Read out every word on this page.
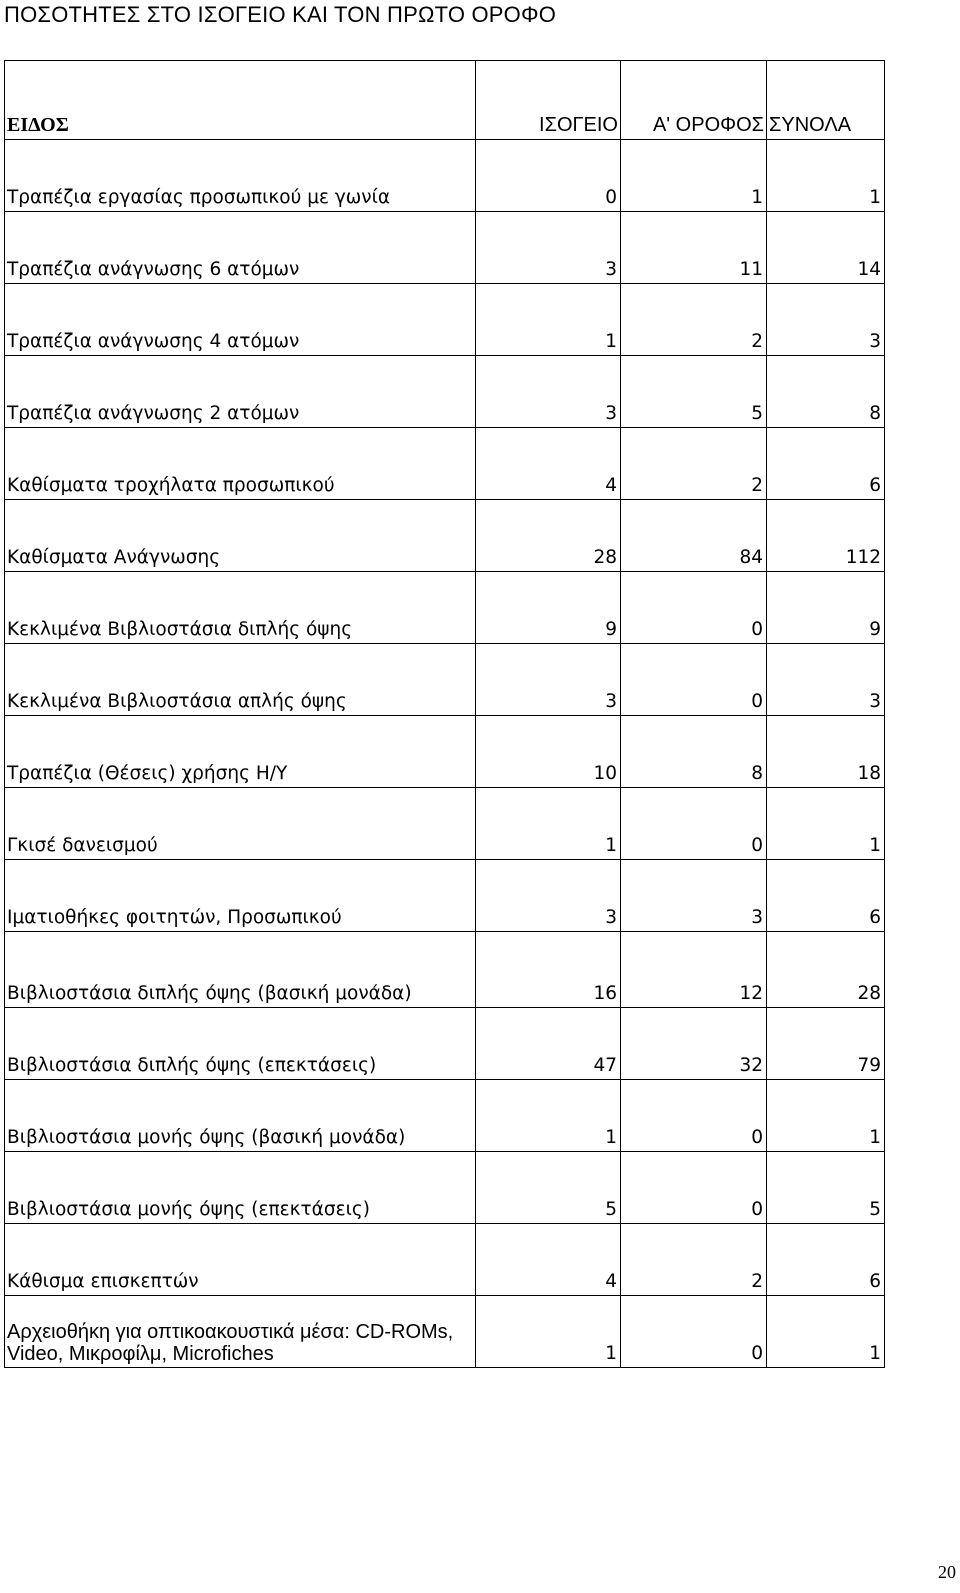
ΠΟΣΟΤΗΤΕΣ ΣΤΟ ΙΣΟΓΕΙΟ ΚΑΙ ΤΟΝ ΠΡΩΤΟ ΟΡΟΦΟ
ΕΙΔΟΣ	ΙΣΟΓΕΙΟ	Α' ΟΡΟΦΟΣ	ΣΥΝΟΛΑ
Τραπέζια εργασίας προσωπικού με γωνία	0	1	1
Τραπέζια ανάγνωσης 6 ατόμων	3	11	14
Τραπέζια ανάγνωσης 4 ατόμων	1	2	3
Τραπέζια ανάγνωσης 2 ατόμων	3	5	8
Καθίσματα τροχήλατα προσωπικού	4	2	6
Καθίσματα Ανάγνωσης	28	84	112
Κεκλιμένα Βιβλιοστάσια διπλής όψης	9	0	9
Κεκλιμένα Βιβλιοστάσια απλής όψης	3	0	3
Τραπέζια (Θέσεις) χρήσης Η/Υ	10	8	18
Γκισέ δανεισμού	1	0	1
Ιματιοθήκες φοιτητών, Προσωπικού	3	3	6
Βιβλιοστάσια διπλής όψης (βασική μονάδα)	16	12	28
Βιβλιοστάσια διπλής όψης (επεκτάσεις)	47	32	79
Βιβλιοστάσια μονής όψης (βασική μονάδα)	1	0	1
Βιβλιοστάσια μονής όψης (επεκτάσεις)	5	0	5
Κάθισμα επισκεπτών	4	2	6
Αρχειοθήκη για οπτικοακουστικά μέσα: CD-ROMs, Video, Μικροφίλμ, Microfiches	1	0	1
20
